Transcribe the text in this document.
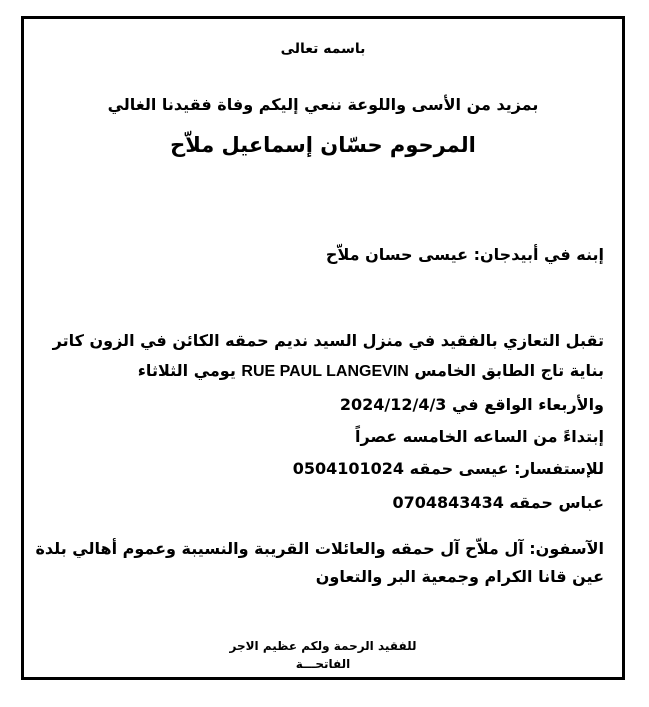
باسمه تعالى
بمزيد من الأسى واللوعة ننعي إليكم وفاة فقيدنا الغالي
المرحوم حسّان إسماعيل ملاّح
إبنه في أبيدجان: عيسى حسان ملاّح
تقبل التعازي بالفقيد في منزل السيد نديم حمقه الكائن في الزون كاتر
بناية تاج الطابق الخامس RUE PAUL LANGEVIN يومي الثلاثاء
والأربعاء الواقع في 2024/12/4/3
إبتداءً من الساعه الخامسه عصراً
للإستفسار: عيسى حمقه 0504101024
عباس حمقه 0704843434
الآسفون: آل ملاّح آل حمقه والعائلات القريبة والنسيبة وعموم أهالي بلدة
عين قانا الكرام وجمعية البر والتعاون
للفقيد الرحمة ولكم عظيم الاجر
الفاتحـــة
